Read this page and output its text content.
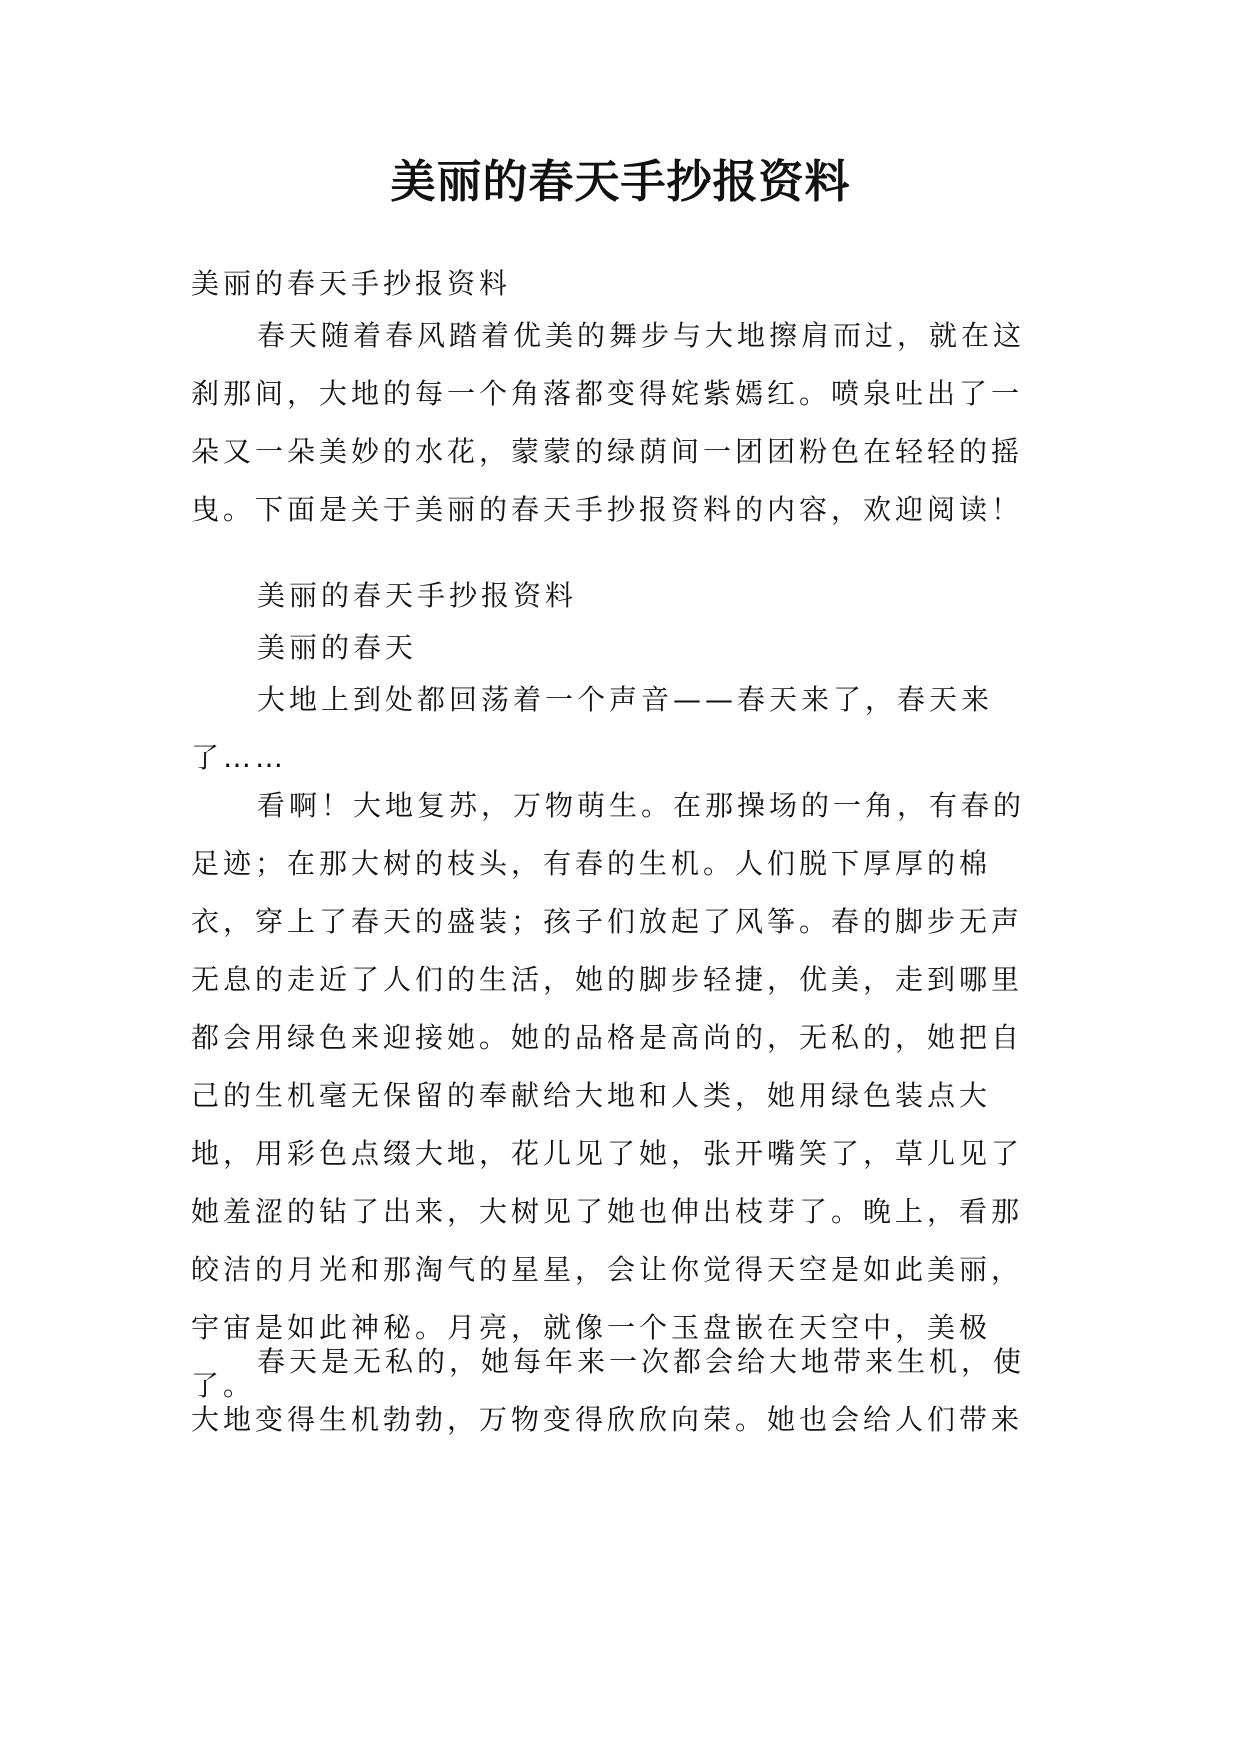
美丽的春天手抄报资料
美丽的春天手抄报资料
春天随着春风踏着优美的舞步与大地擦肩而过，就在这刹那间，大地的每一个角落都变得姹紫嫣红。喷泉吐出了一朵又一朵美妙的水花，蒙蒙的绿荫间一团团粉色在轻轻的摇曳。下面是关于美丽的春天手抄报资料的内容，欢迎阅读！
美丽的春天手抄报资料
美丽的春天
大地上到处都回荡着一个声音——春天来了，春天来了……
看啊！大地复苏，万物萌生。在那操场的一角，有春的足迹；在那大树的枝头，有春的生机。人们脱下厚厚的棉衣，穿上了春天的盛装；孩子们放起了风筝。春的脚步无声无息的走近了人们的生活，她的脚步轻捷，优美，走到哪里都会用绿色来迎接她。她的品格是高尚的，无私的，她把自己的生机毫无保留的奉献给大地和人类，她用绿色装点大地，用彩色点缀大地，花儿见了她，张开嘴笑了，草儿见了她羞涩的钻了出来，大树见了她也伸出枝芽了。晚上，看那皎洁的月光和那淘气的星星，会让你觉得天空是如此美丽，宇宙是如此神秘。月亮，就像一个玉盘嵌在天空中，美极了。
春天是无私的，她每年来一次都会给大地带来生机，使大地变得生机勃勃，万物变得欣欣向荣。她也会给人们带来
